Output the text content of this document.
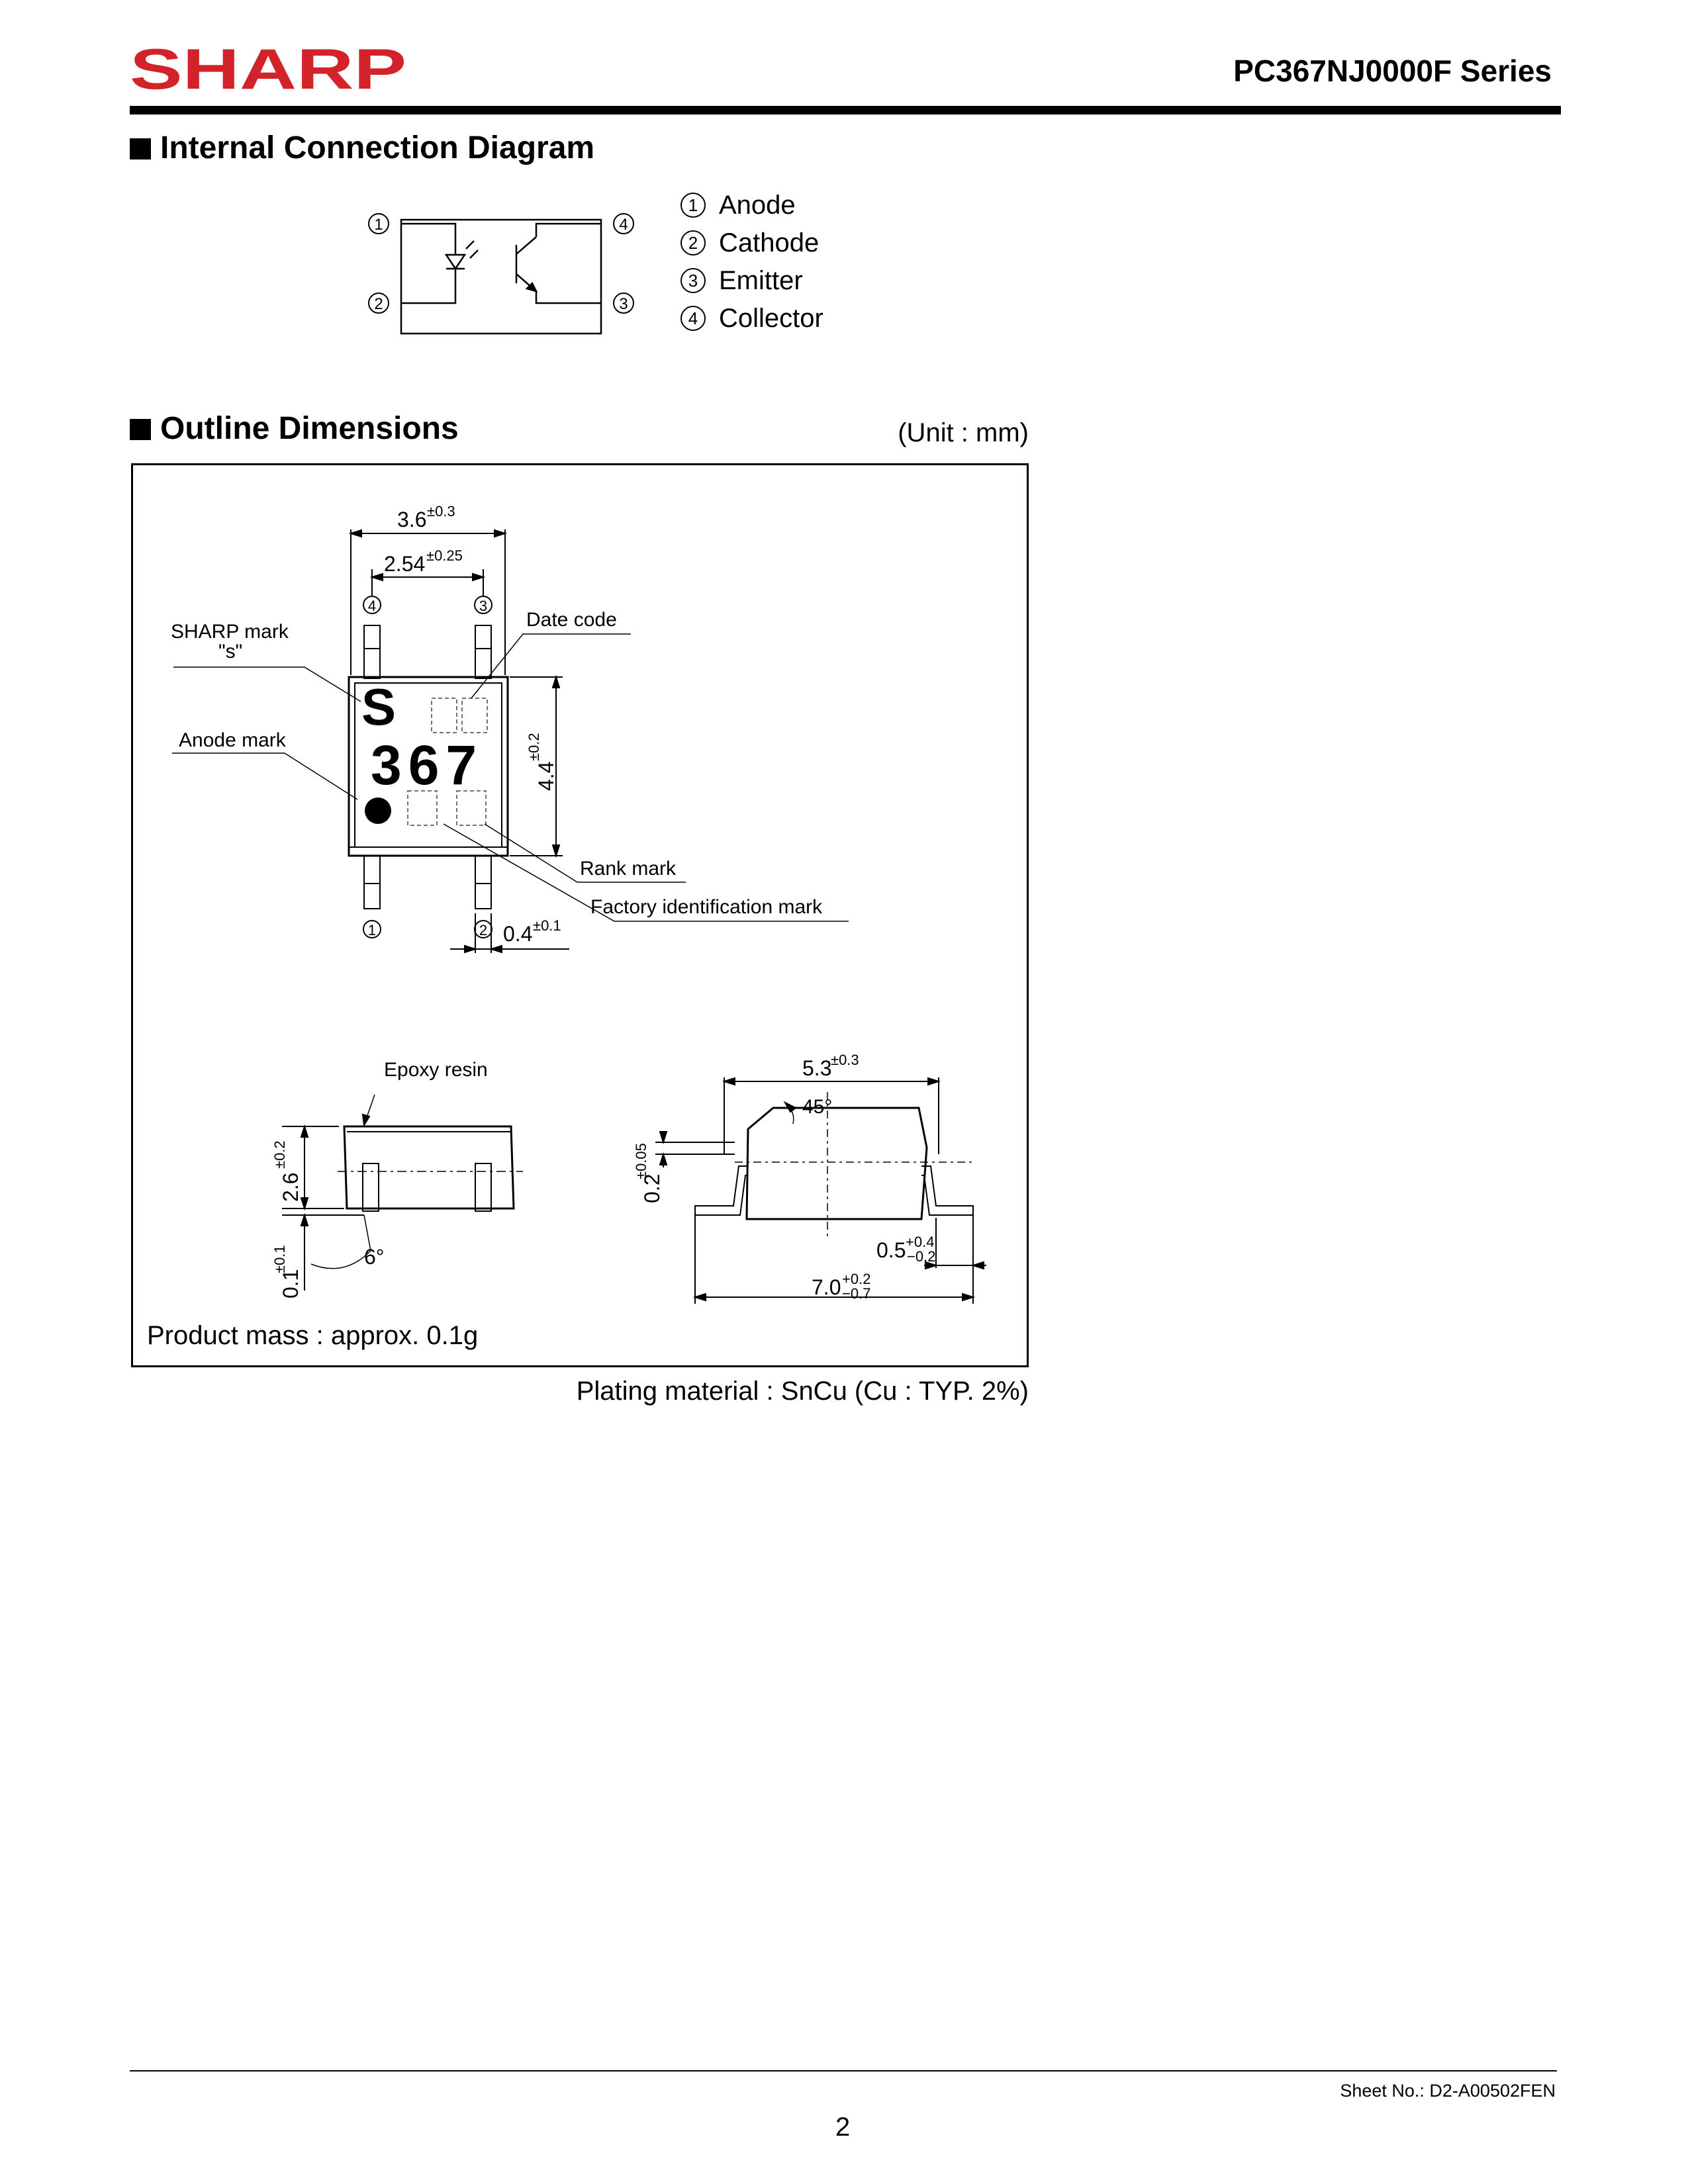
SHARP	PC367NJ0000F Series
Internal Connection Diagram
1
2	3
4
1 Anode
2 Cathode
3 Emitter
4 Collector
Outline Dimensions	(Unit : mm)
S
367
4	3
1	2
3.6 ±0.3
2.54 ±0.25
4.4
±0.2
0.4 ±0.1
SHARP mark
"s"
Date code
Anode mark
Rank mark
Factory identification mark
Epoxy resin
2.6
±0.2
0.1
±0.1	6°
5.3
±0.3
45°
0.2
±0.05
0.5 +0.4
−0.2
7.0 +0.2
−0.7
Product mass : approx. 0.1g
Plating material : SnCu (Cu : TYP. 2%)
Sheet No.: D2-A00502FEN
2
